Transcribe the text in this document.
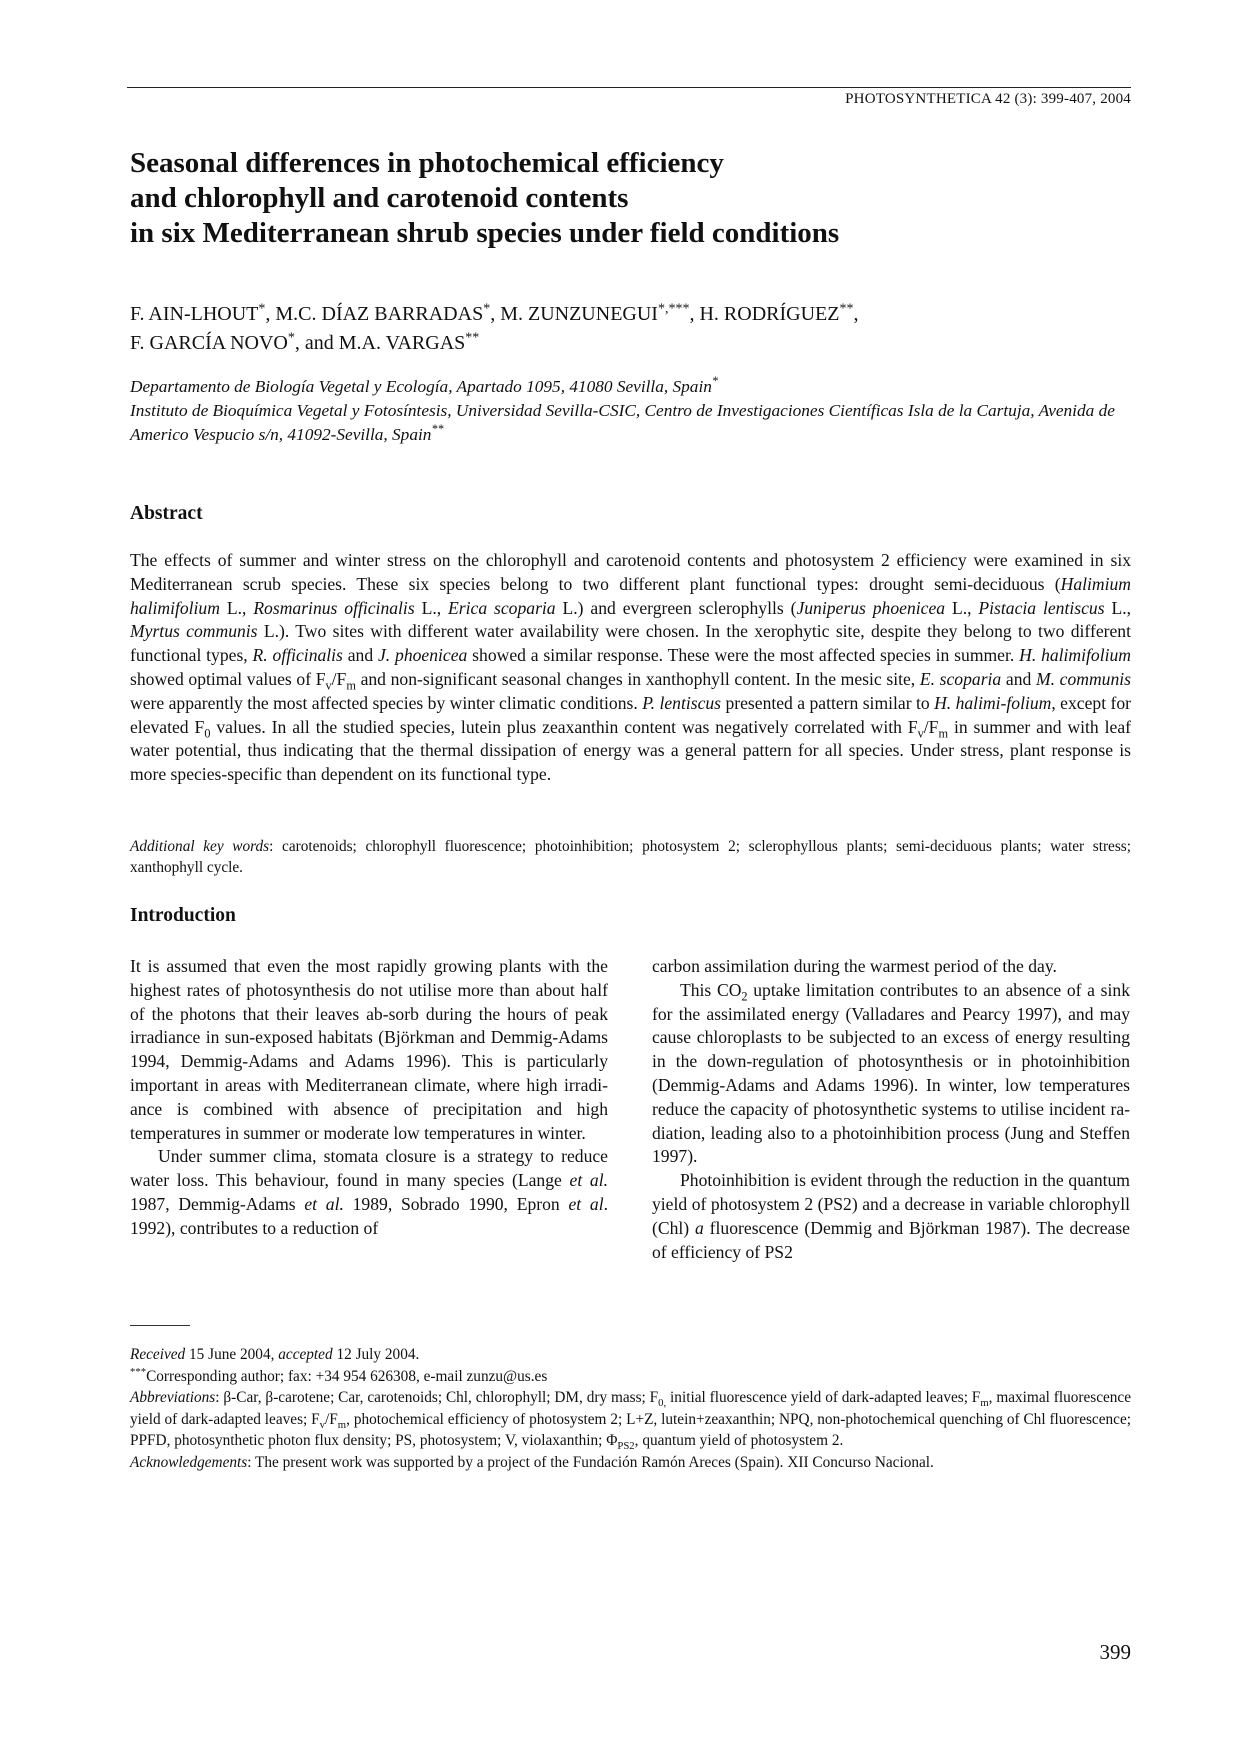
PHOTOSYNTHETICA 42 (3): 399-407, 2004
Seasonal differences in photochemical efficiency
and chlorophyll and carotenoid contents
in six Mediterranean shrub species under field conditions
F. AIN-LHOUT*, M.C. DÍAZ BARRADAS*, M. ZUNZUNEGUI*,***, H. RODRÍGUEZ**,
F. GARCÍA NOVO*, and M.A. VARGAS**
Departamento de Biología Vegetal y Ecología, Apartado 1095, 41080 Sevilla, Spain*
Instituto de Bioquímica Vegetal y Fotosíntesis, Universidad Sevilla-CSIC, Centro de Investigaciones Científicas Isla de la Cartuja, Avenida de Americo Vespucio s/n, 41092-Sevilla, Spain**
Abstract
The effects of summer and winter stress on the chlorophyll and carotenoid contents and photosystem 2 efficiency were examined in six Mediterranean scrub species. These six species belong to two different plant functional types: drought semi-deciduous (Halimium halimifolium L., Rosmarinus officinalis L., Erica scoparia L.) and evergreen sclerophylls (Juniperus phoenicea L., Pistacia lentiscus L., Myrtus communis L.). Two sites with different water availability were chosen. In the xerophytic site, despite they belong to two different functional types, R. officinalis and J. phoenicea showed a similar response. These were the most affected species in summer. H. halimifolium showed optimal values of $F_v/F_m$ and non-significant seasonal changes in xanthophyll content. In the mesic site, E. scoparia and M. communis were apparently the most affected species by winter climatic conditions. P. lentiscus presented a pattern similar to H. halimi-folium, except for elevated $F_0$ values. In all the studied species, lutein plus zeaxanthin content was negatively correlated with $F_v/F_m$ in summer and with leaf water potential, thus indicating that the thermal dissipation of energy was a general pattern for all species. Under stress, plant response is more species-specific than dependent on its functional type.
Additional key words: carotenoids; chlorophyll fluorescence; photoinhibition; photosystem 2; sclerophyllous plants; semi-deciduous plants; water stress; xanthophyll cycle.
Introduction

It is assumed that even the most rapidly growing plants with the highest rates of photosynthesis do not utilise more than about half of the photons that their leaves ab-sorb during the hours of peak irradiance in sun-exposed habitats (Björkman and Demmig-Adams 1994, Demmig-Adams and Adams 1996). This is particularly important in areas with Mediterranean climate, where high irradi-ance is combined with absence of precipitation and high temperatures in summer or moderate low temperatures in winter.

Under summer clima, stomata closure is a strategy to reduce water loss. This behaviour, found in many species (Lange et al. 1987, Demmig-Adams et al. 1989, Sobrado 1990, Epron et al. 1992), contributes to a reduction of

carbon assimilation during the warmest period of the day.

This $CO_2$ uptake limitation contributes to an absence of a sink for the assimilated energy (Valladares and Pearcy 1997), and may cause chloroplasts to be subjected to an excess of energy resulting in the down-regulation of photosynthesis or in photoinhibition (Demmig-Adams and Adams 1996). In winter, low temperatures reduce the capacity of photosynthetic systems to utilise incident ra-diation, leading also to a photoinhibition process (Jung and Steffen 1997).

Photoinhibition is evident through the reduction in the quantum yield of photosystem 2 (PS2) and a decrease in variable chlorophyll (Chl) a fluorescence (Demmig and Björkman 1987). The decrease of efficiency of PS2

Received 15 June 2004, accepted 12 July 2004.

***Corresponding author; fax: +34 954 626308, e-mail zunzu@us.es

Abbreviations: β-Car, β-carotene; Car, carotenoids; Chl, chlorophyll; DM, dry mass; $F_{0,}$ initial fluorescence yield of dark-adapted leaves; $F_m$, maximal fluorescence yield of dark-adapted leaves; $F_v/F_m$, photochemical efficiency of photosystem 2; L+Z, lutein+zeaxanthin; NPQ, non-photochemical quenching of Chl fluorescence; PPFD, photosynthetic photon flux density; PS, photosystem; V, violaxanthin; $\Phi_{PS2}$, quantum yield of photosystem 2.

Acknowledgements: The present work was supported by a project of the Fundación Ramón Areces (Spain). XII Concurso Nacional.

399
